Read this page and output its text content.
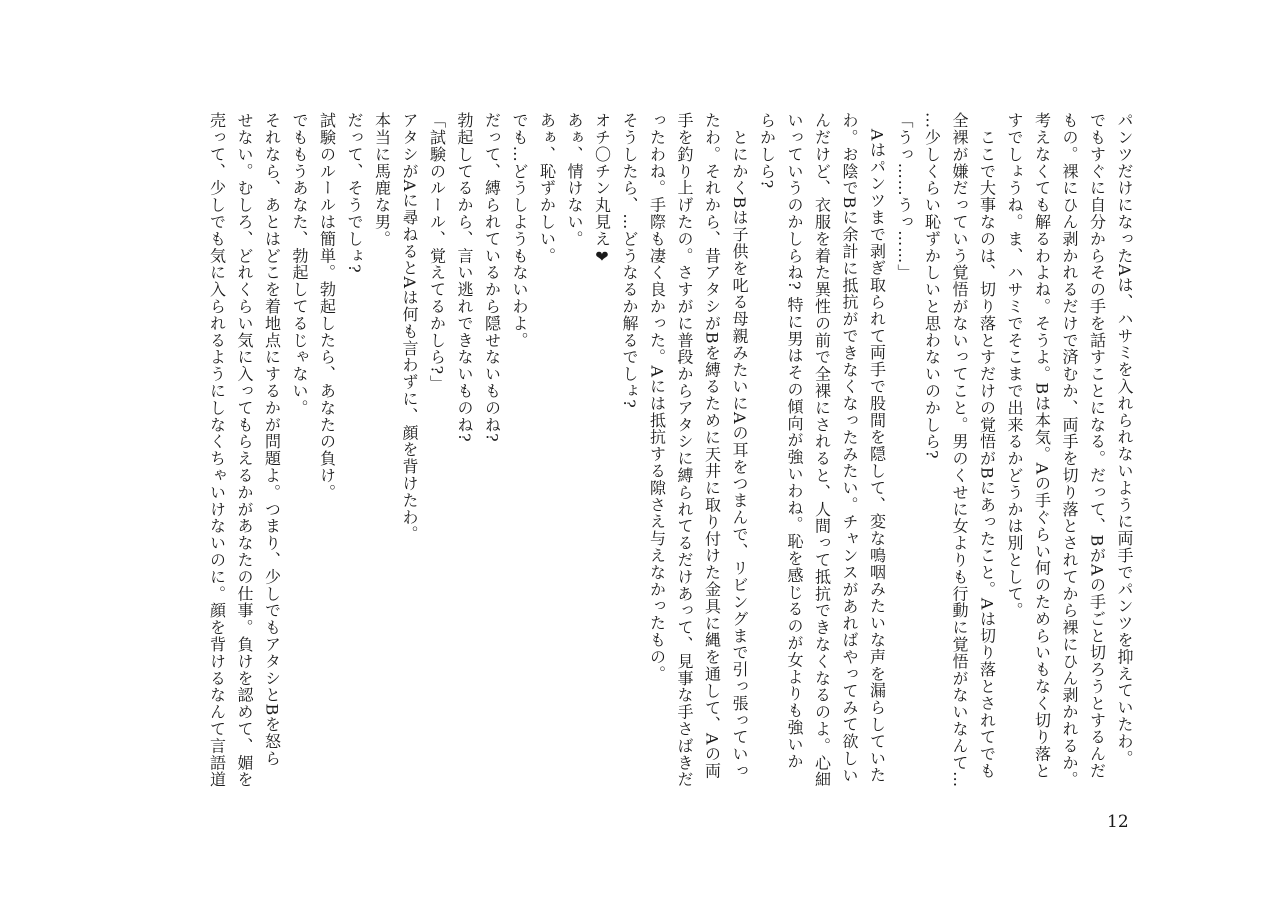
パンツだけになったAは、ハサミを入れられないように両手でパンツを抑えていたわ。

でもすぐに自分からその手を話すことになる。だって、BがAの手ごと切ろうとするんだ

もの。裸にひん剥かれるだけで済むか、両手を切り落とされてから裸にひん剥かれるか。

考えなくても解るわよね。そうよ。Bは本気。Aの手ぐらい何のためらいもなく切り落と

すでしょうね。ま、ハサミでそこまで出来るかどうかは別として。

　ここで大事なのは、切り落とすだけの覚悟がBにあったこと。Aは切り落とされてでも

全裸が嫌だっていう覚悟がないってこと。男のくせに女よりも行動に覚悟がないなんて…

…少しくらい恥ずかしいと思わないのかしら?

「うっ……うっ……」

　Aはパンツまで剥ぎ取られて両手で股間を隠して、変な鳴咽みたいな声を漏らしていた

わ。お陰でBに余計に抵抗ができなくなったみたい。チャンスがあればやってみて欲しい

んだけど、衣服を着た異性の前で全裸にされると、人間って抵抗できなくなるのよ。心細

いっていうのかしらね? 特に男はその傾向が強いわね。恥を感じるのが女よりも強いか

らかしら?

　とにかくBは子供を叱る母親みたいにAの耳をつまんで、リビングまで引っ張っていっ

たわ。それから、昔アタシがBを縛るために天井に取り付けた金具に縄を通して、Aの両

手を釣り上げたの。さすがに普段からアタシに縛られてるだけあって、見事な手さばきだ

ったわね。手際も凄く良かった。Aには抵抗する隙さえ与えなかったもの。

そうしたら、…どうなるか解るでしょ?

オチ〇チン丸見え❤

あぁ、情けない。

あぁ、恥ずかしい。

でも…どうしようもないわよ。

だって、縛られているから隠せないものね?

勃起してるから、言い逃れできないものね?

「試験のルール、覚えてるかしら?」

アタシがAに尋ねるとAは何も言わずに、顔を背けたわ。

本当に馬鹿な男。

だって、そうでしょ?

試験のルールは簡単。勃起したら、あなたの負け。

でももうあなた、勃起してるじゃない。

それなら、あとはどこを着地点にするかが問題よ。つまり、少しでもアタシとBを怒ら

せない。むしろ、どれくらい気に入ってもらえるかがあなたの仕事。負けを認めて、媚を

売って、少しでも気に入られるようにしなくちゃいけないのに。顔を背けるなんて言語道

12
